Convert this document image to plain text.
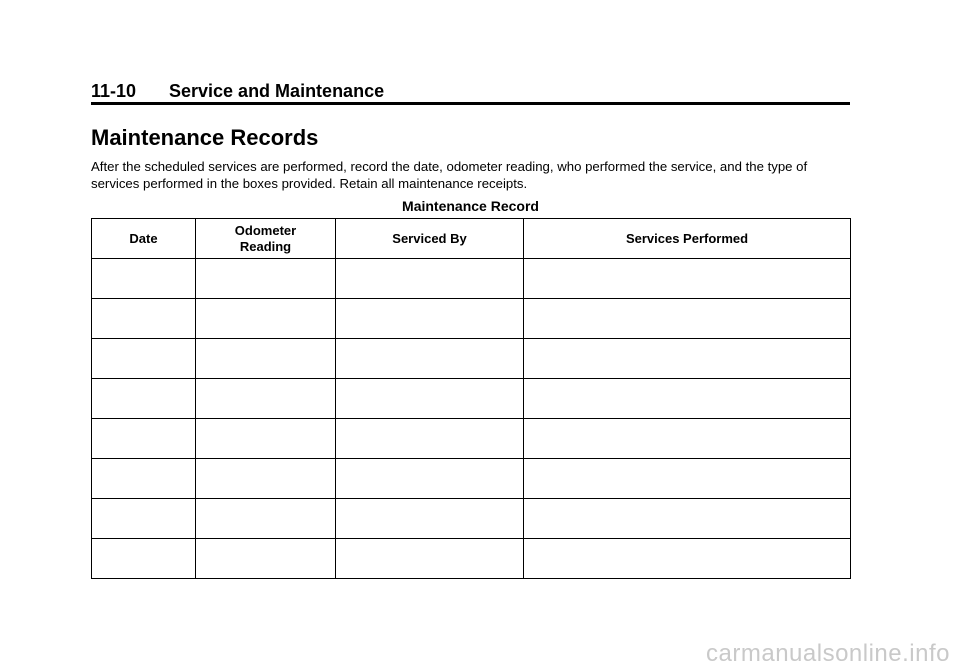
11-10 Service and Maintenance
Maintenance Records

After the scheduled services are performed, record the date, odometer reading, who performed the service, and the type of services performed in the boxes provided. Retain all maintenance receipts.

Maintenance Record
Date	Odometer Reading	Serviced By	Services Performed

carmanualsonline.info
